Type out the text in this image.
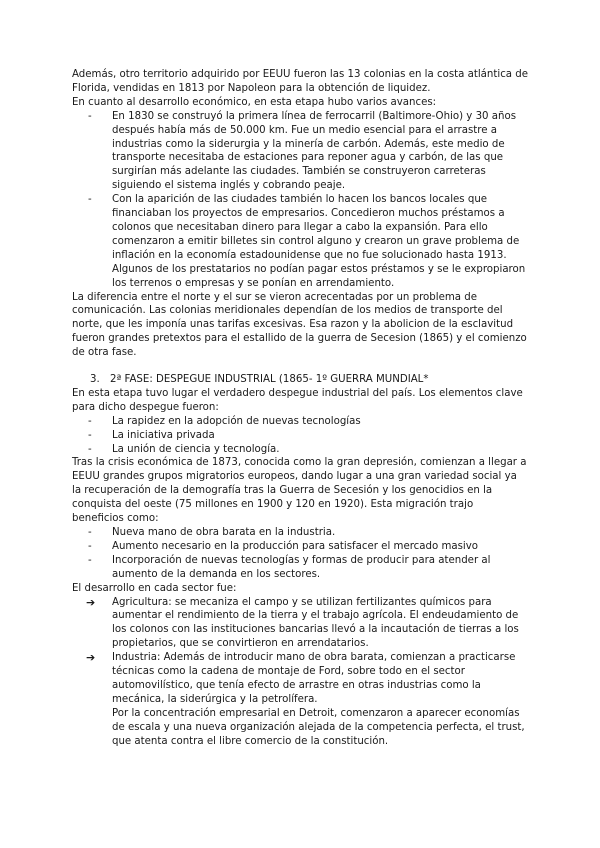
Además, otro territorio adquirido por EEUU fueron las 13 colonias en la costa atlántica de Florida, vendidas en 1813 por Napoleon para la obtención de liquidez.

En cuanto al desarrollo económico, en esta etapa hubo varios avances:

- En 1830 se construyó la primera línea de ferrocarril (Baltimore-Ohio) y 30 años después había más de 50.000 km. Fue un medio esencial para el arrastre a industrias como la siderurgia y la minería de carbón. Además, este medio de transporte necesitaba de estaciones para reponer agua y carbón, de las que surgirían más adelante las ciudades. También se construyeron carreteras siguiendo el sistema inglés y cobrando peaje.
- Con la aparición de las ciudades también lo hacen los bancos locales que financiaban los proyectos de empresarios. Concedieron muchos préstamos a colonos que necesitaban dinero para llegar a cabo la expansión. Para ello comenzaron a emitir billetes sin control alguno y crearon un grave problema de inflación en la economía estadounidense que no fue solucionado hasta 1913. Algunos de los prestatarios no podían pagar estos préstamos y se le expropiaron los terrenos o empresas y se ponían en arrendamiento.

La diferencia entre el norte y el sur se vieron acrecentadas por un problema de comunicación. Las colonias meridionales dependían de los medios de transporte del norte, que les imponía unas tarifas excesivas. Esa razon y la abolicion de la esclavitud fueron grandes pretextos para el estallido de la guerra de Secesion (1865) y el comienzo de otra fase.

3. 2ª FASE: DESPEGUE INDUSTRIAL (1865- 1º GUERRA MUNDIAL*

En esta etapa tuvo lugar el verdadero despegue industrial del país. Los elementos clave para dicho despegue fueron:

- La rapidez en la adopción de nuevas tecnologías
- La iniciativa privada
- La unión de ciencia y tecnología.

Tras la crisis económica de 1873, conocida como la gran depresión, comienzan a llegar a EEUU grandes grupos migratorios europeos, dando lugar a una gran variedad social ya la recuperación de la demografía tras la Guerra de Secesión y los genocidios en la conquista del oeste (75 millones en 1900 y 120 en 1920). Esta migración trajo beneficios como:

- Nueva mano de obra barata en la industria.
- Aumento necesario en la producción para satisfacer el mercado masivo
- Incorporación de nuevas tecnologías y formas de producir para atender al aumento de la demanda en los sectores.

El desarrollo en cada sector fue:

➔ Agricultura: se mecaniza el campo y se utilizan fertilizantes químicos para aumentar el rendimiento de la tierra y el trabajo agrícola. El endeudamiento de los colonos con las instituciones bancarias llevó a la incautación de tierras a los propietarios, que se convirtieron en arrendatarios.

➔ Industria: Además de introducir mano de obra barata, comienzan a practicarse técnicas como la cadena de montaje de Ford, sobre todo en el sector automovilístico, que tenía efecto de arrastre en otras industrias como la mecánica, la siderúrgica y la petrolífera.

Por la concentración empresarial en Detroit, comenzaron a aparecer economías de escala y una nueva organización alejada de la competencia perfecta, el trust, que atenta contra el libre comercio de la constitución.
